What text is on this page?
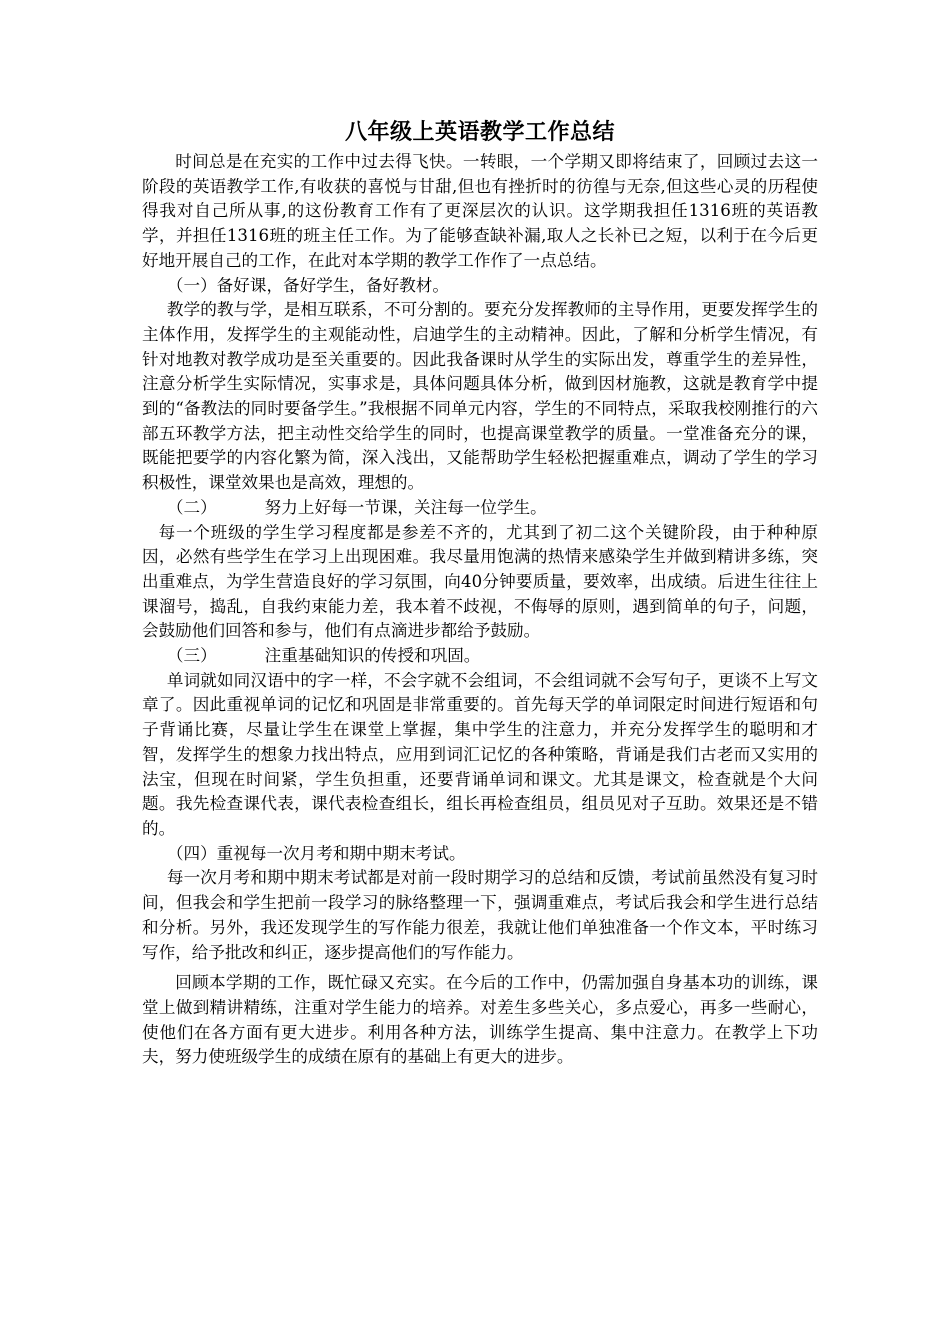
八年级上英语教学工作总结

时间总是在充实的工作中过去得飞快。一转眼，一个学期又即将结束了，回顾过去这一阶段的英语教学工作,有收获的喜悦与甘甜,但也有挫折时的彷徨与无奈,但这些心灵的历程使得我对自己所从事,的这份教育工作有了更深层次的认识。这学期我担任1316班的英语教学，并担任1316班的班主任工作。为了能够查缺补漏,取人之长补已之短，以利于在今后更好地开展自己的工作，在此对本学期的教学工作作了一点总结。

（一）备好课，备好学生，备好教材。

教学的教与学，是相互联系，不可分割的。要充分发挥教师的主导作用，更要发挥学生的主体作用，发挥学生的主观能动性，启迪学生的主动精神。因此，了解和分析学生情况，有针对地教对教学成功是至关重要的。因此我备课时从学生的实际出发，尊重学生的差异性，注意分析学生实际情况，实事求是，具体问题具体分析，做到因材施教，这就是教育学中提到的“备教法的同时要备学生。”我根据不同单元内容，学生的不同特点，采取我校刚推行的六部五环教学方法，把主动性交给学生的同时，也提高课堂教学的质量。一堂准备充分的课，既能把要学的内容化繁为简，深入浅出，又能帮助学生轻松把握重难点，调动了学生的学习积极性，课堂效果也是高效，理想的。

（二）	努力上好每一节课，关注每一位学生。

每一个班级的学生学习程度都是参差不齐的，尤其到了初二这个关键阶段，由于种种原因，必然有些学生在学习上出现困难。我尽量用饱满的热情来感染学生并做到精讲多练，突出重难点，为学生营造良好的学习氛围，向40分钟要质量，要效率，出成绩。后进生往往上课溜号，捣乱，自我约束能力差，我本着不歧视，不侮辱的原则，遇到简单的句子，问题，会鼓励他们回答和参与，他们有点滴进步都给予鼓励。

（三）	注重基础知识的传授和巩固。

单词就如同汉语中的字一样，不会字就不会组词，不会组词就不会写句子，更谈不上写文章了。因此重视单词的记忆和巩固是非常重要的。首先每天学的单词限定时间进行短语和句子背诵比赛，尽量让学生在课堂上掌握，集中学生的注意力，并充分发挥学生的聪明和才智，发挥学生的想象力找出特点，应用到词汇记忆的各种策略，背诵是我们古老而又实用的法宝，但现在时间紧，学生负担重，还要背诵单词和课文。尤其是课文，检查就是个大问题。我先检查课代表，课代表检查组长，组长再检查组员，组员见对子互助。效果还是不错的。

（四）重视每一次月考和期中期末考试。

每一次月考和期中期末考试都是对前一段时期学习的总结和反馈，考试前虽然没有复习时间，但我会和学生把前一段学习的脉络整理一下，强调重难点，考试后我会和学生进行总结和分析。另外，我还发现学生的写作能力很差，我就让他们单独准备一个作文本，平时练习写作，给予批改和纠正，逐步提高他们的写作能力。

回顾本学期的工作，既忙碌又充实。在今后的工作中，仍需加强自身基本功的训练，课堂上做到精讲精练，注重对学生能力的培养。对差生多些关心，多点爱心，再多一些耐心，使他们在各方面有更大进步。利用各种方法，训练学生提高、集中注意力。在教学上下功夫，努力使班级学生的成绩在原有的基础上有更大的进步。
